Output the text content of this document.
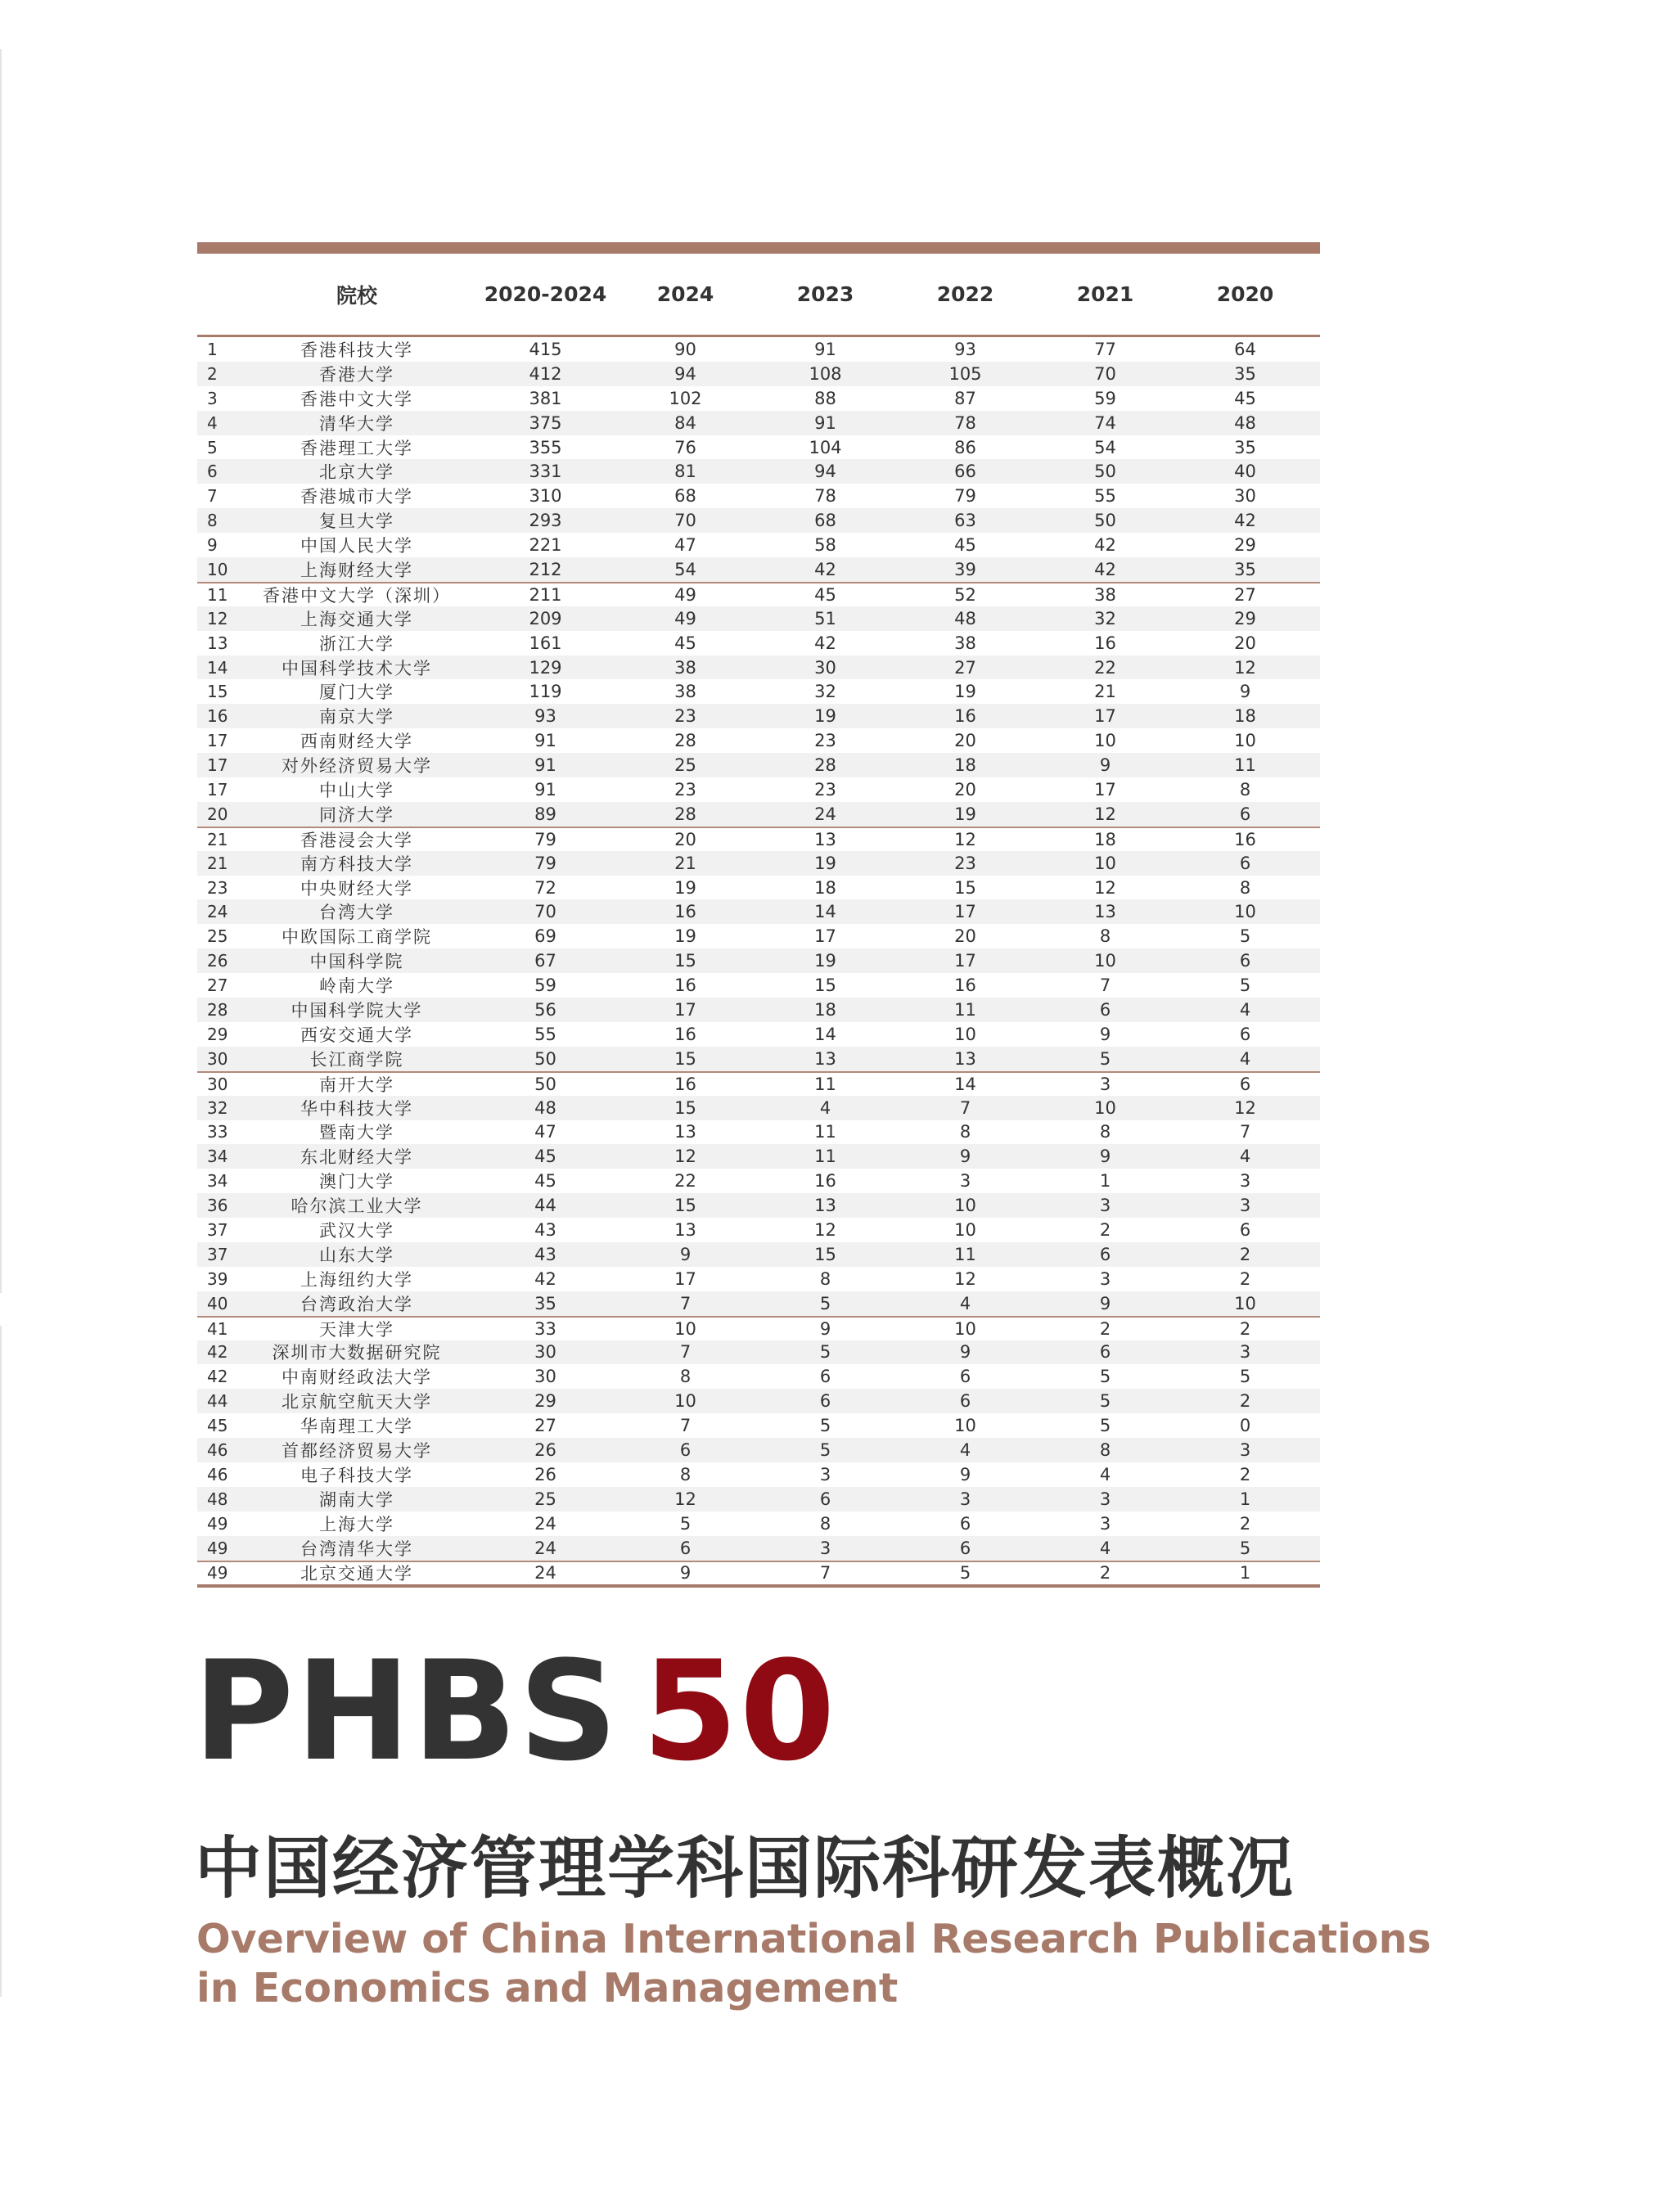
院校	2020-2024	2024	2023	2022	2021	2020
1	香港科技大学	415	90	91	93	77	64
2	香港大学	412	94	108	105	70	35
3	香港中文大学	381	102	88	87	59	45
4	清华大学	375	84	91	78	74	48
5	香港理工大学	355	76	104	86	54	35
6	北京大学	331	81	94	66	50	40
7	香港城市大学	310	68	78	79	55	30
8	复旦大学	293	70	68	63	50	42
9	中国人民大学	221	47	58	45	42	29
10	上海财经大学	212	54	42	39	42	35
11	香港中文大学（深圳）	211	49	45	52	38	27
12	上海交通大学	209	49	51	48	32	29
13	浙江大学	161	45	42	38	16	20
14	中国科学技术大学	129	38	30	27	22	12
15	厦门大学	119	38	32	19	21	9
16	南京大学	93	23	19	16	17	18
17	西南财经大学	91	28	23	20	10	10
17	对外经济贸易大学	91	25	28	18	9	11
17	中山大学	91	23	23	20	17	8
20	同济大学	89	28	24	19	12	6
21	香港浸会大学	79	20	13	12	18	16
21	南方科技大学	79	21	19	23	10	6
23	中央财经大学	72	19	18	15	12	8
24	台湾大学	70	16	14	17	13	10
25	中欧国际工商学院	69	19	17	20	8	5
26	中国科学院	67	15	19	17	10	6
27	岭南大学	59	16	15	16	7	5
28	中国科学院大学	56	17	18	11	6	4
29	西安交通大学	55	16	14	10	9	6
30	长江商学院	50	15	13	13	5	4
30	南开大学	50	16	11	14	3	6
32	华中科技大学	48	15	4	7	10	12
33	暨南大学	47	13	11	8	8	7
34	东北财经大学	45	12	11	9	9	4
34	澳门大学	45	22	16	3	1	3
36	哈尔滨工业大学	44	15	13	10	3	3
37	武汉大学	43	13	12	10	2	6
37	山东大学	43	9	15	11	6	2
39	上海纽约大学	42	17	8	12	3	2
40	台湾政治大学	35	7	5	4	9	10
41	天津大学	33	10	9	10	2	2
42	深圳市大数据研究院	30	7	5	9	6	3
42	中南财经政法大学	30	8	6	6	5	5
44	北京航空航天大学	29	10	6	6	5	2
45	华南理工大学	27	7	5	10	5	0
46	首都经济贸易大学	26	6	5	4	8	3
46	电子科技大学	26	8	3	9	4	2
48	湖南大学	25	12	6	3	3	1
49	上海大学	24	5	8	6	3	2
49	台湾清华大学	24	6	3	6	4	5
49	北京交通大学	24	9	7	5	2	1
PHBS 50
中国经济管理学科国际科研发表概况
Overview of China International Research Publications
in Economics and Management
